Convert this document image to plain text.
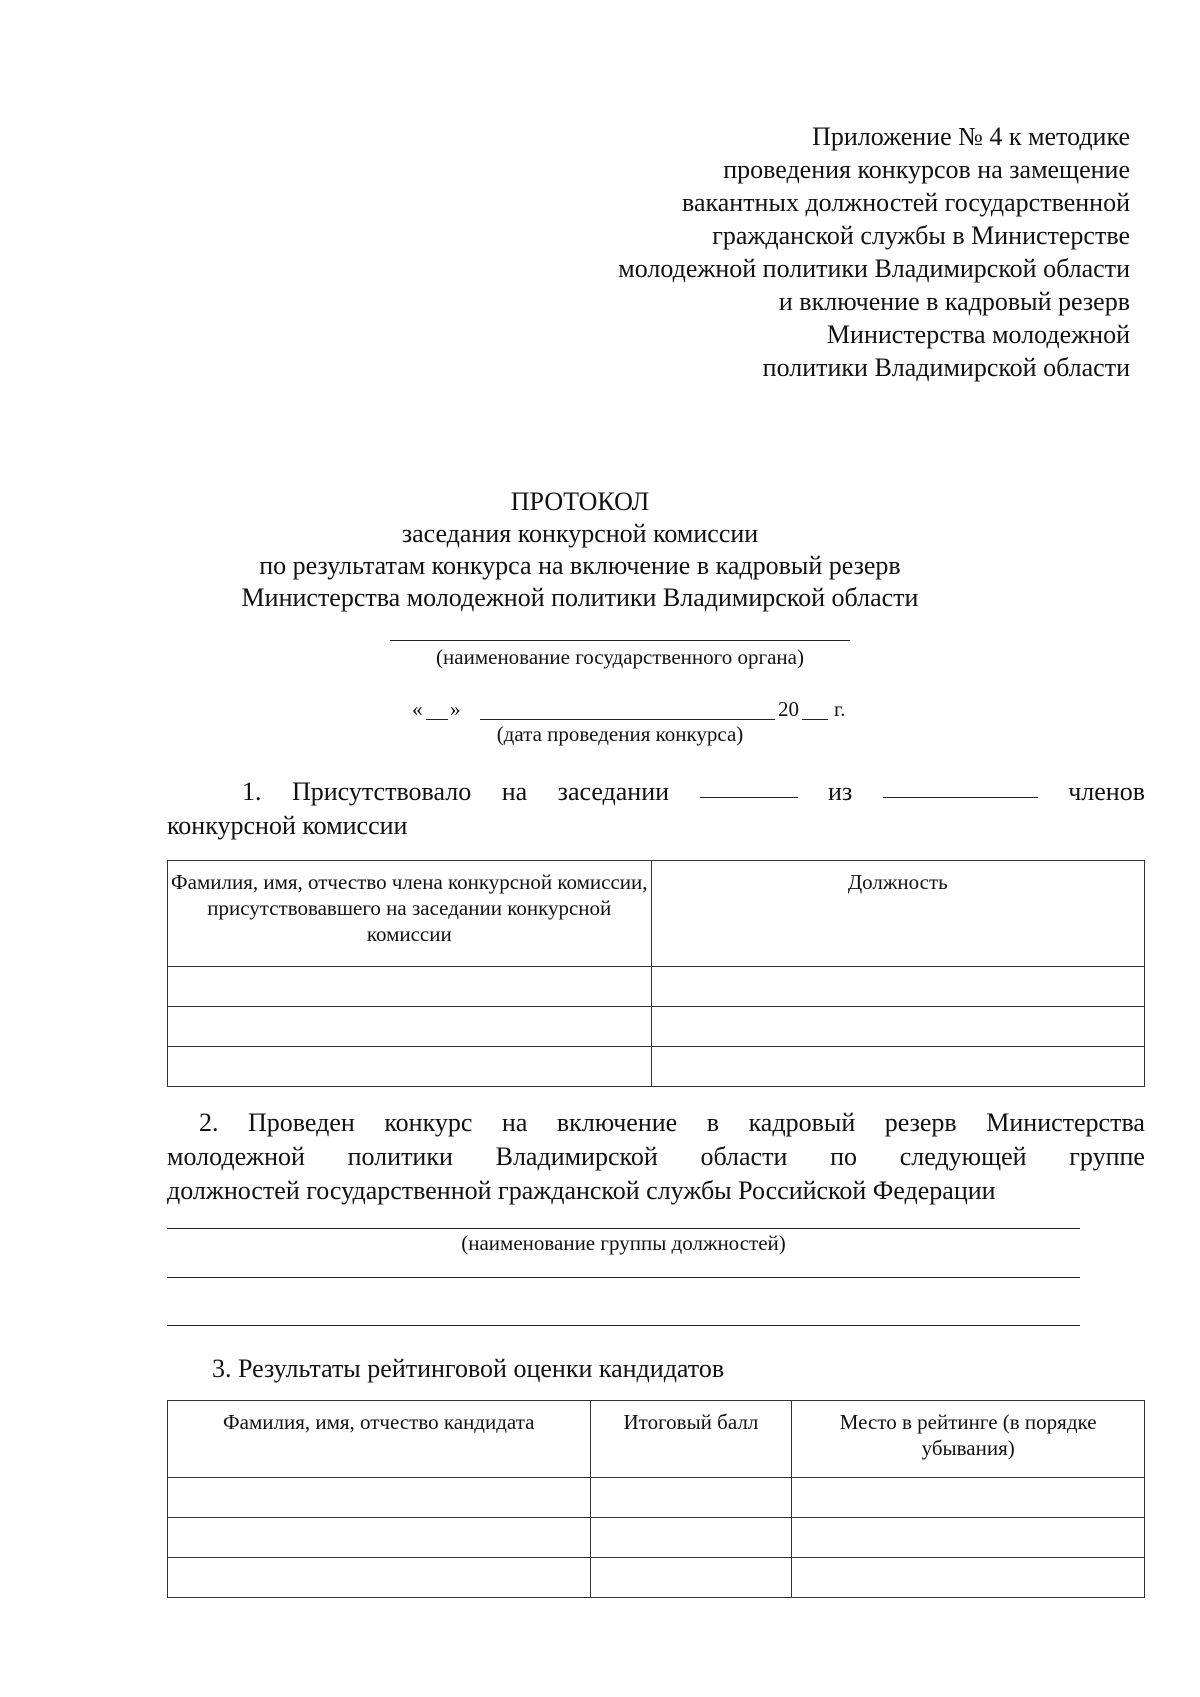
Приложение № 4 к методике
проведения конкурсов на замещение
вакантных должностей государственной
гражданской службы в Министерстве
молодежной политики Владимирской области
и включение в кадровый резерв
Министерства молодежной
политики Владимирской области
ПРОТОКОЛ
заседания конкурсной комиссии
по результатам конкурса на включение в кадровый резерв
Министерства молодежной политики Владимирской области
(наименование государственного органа)
« »	20 г.
(дата проведения конкурса)
1. Присутствовало на заседании	из	членов
конкурсной комиссии
Фамилия, имя, отчество члена конкурсной комиссии, присутствовавшего на заседании конкурсной комиссии	Должность

2. Проведен конкурс на включение в кадровый резерв Министерства
молодежной политики Владимирской области по следующей группе
должностей государственной гражданской службы Российской Федерации
(наименование группы должностей)
3. Результаты рейтинговой оценки кандидатов
Фамилия, имя, отчество кандидата	Итоговый балл	Место в рейтинге (в порядке убывания)
